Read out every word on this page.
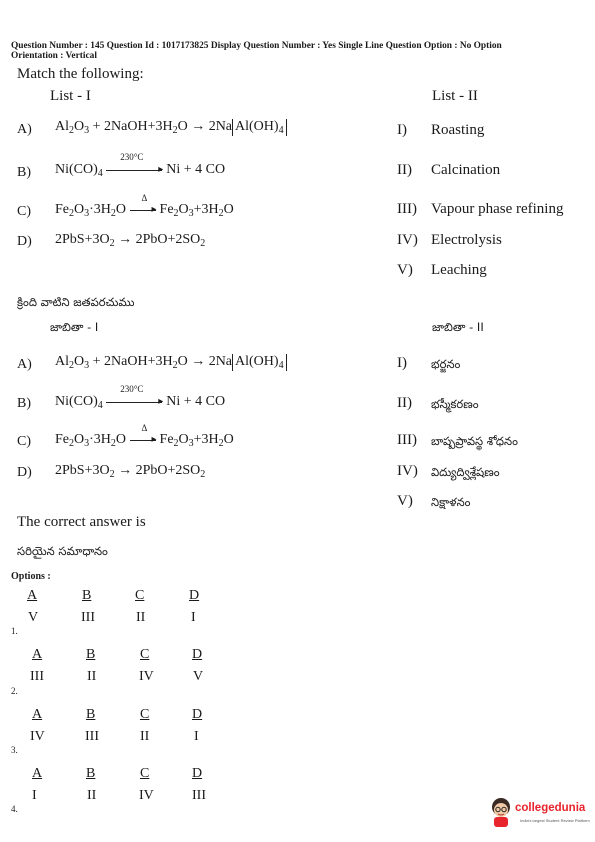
Question Number : 145 Question Id : 1017173825 Display Question Number : Yes Single Line Question Option : No Option
Orientation : Vertical
Match the following:
List - I	List - II
A) $Al_2O_3$ + $2NaOH+3H_2O \to 2Na$ $Al(OH)_4$
B) $Ni(CO)_4$
230°C
▸ Ni + 4 CO
C) $Fe_2O_3\cdot 3H_2O$
Δ
▸ $Fe_2O_3+3H_2O$
D) $2PbS+3O_2 \to 2PbO+2SO_2$
I) Roasting
II) Calcination
III) Vapour phase refining
IV) Electrolysis
V) Leaching
క్రింది వాటిని జతపరచుము
జాబితా - I	జాబితా - II
A) $Al_2O_3$ + $2NaOH+3H_2O \to 2Na$ $Al(OH)_4$
B) $Ni(CO)_4$
230°C
▸ Ni + 4 CO
C) $Fe_2O_3\cdot 3H_2O$
Δ
▸ $Fe_2O_3+3H_2O$
D) $2PbS+3O_2 \to 2PbO+2SO_2$
I) భర్జనం
II) భస్మీకరణం
III) బాష్పప్రావస్థ శోధనం
IV) విద్యుద్విశ్లేషణం
V) నిక్షాళనం
The correct answer is
సరియైన సమాధానం
Options :
A	B	C	D
V	III	II	I
1.
A	B	C	D
III	II	IV	V
2.
A	B	C	D
IV	III	II	I
3.
A	B	C	D
I	II	IV	III
4.	collegedunia
India's largest Student Review Platform
